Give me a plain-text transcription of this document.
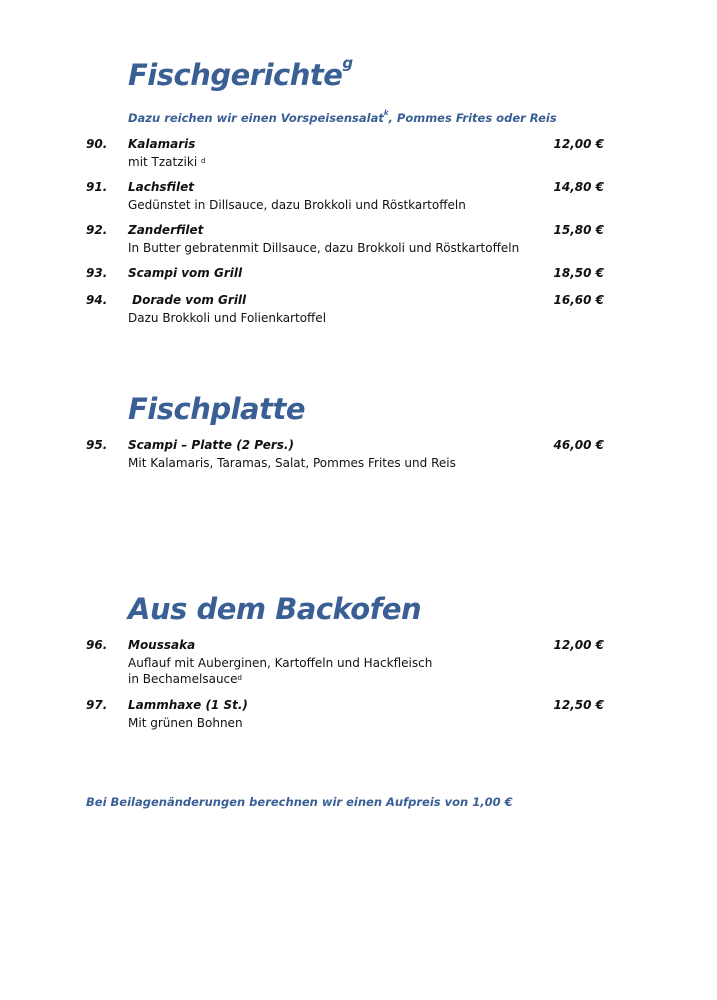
Fischgerichte$^g$

Dazu reichen wir einen Vorspeisensalat$^k$, Pommes Frites oder Reis

90. Kalamaris	12,00 €
mit Tzatziki $^d$
91. Lachsfilet	14,80 €
Gedünstet in Dillsauce, dazu Brokkoli und Röstkartoffeln
92. Zanderfilet	15,80 €
In Butter gebratenmit Dillsauce, dazu Brokkoli und Röstkartoffeln
93. Scampi vom Grill	18,50 €
94. Dorade vom Grill	16,60 €
Dazu Brokkoli und Folienkartoffel
Fischplatte
95. Scampi – Platte (2 Pers.)	46,00 €
Mit Kalamaris, Taramas, Salat, Pommes Frites und Reis
Aus dem Backofen
96. Moussaka	12,00 €
Auflauf mit Auberginen, Kartoffeln und Hackfleisch
in Bechamelsauce$^d$
97. Lammhaxe (1 St.)	12,50 €
Mit grünen Bohnen

Bei Beilagenänderungen berechnen wir einen Aufpreis von 1,00 €
